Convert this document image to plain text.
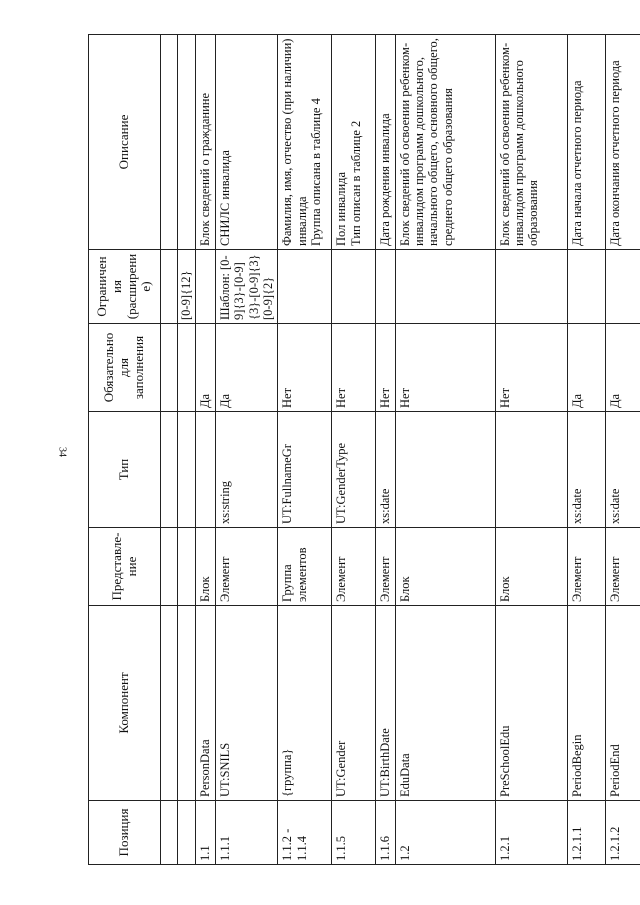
34
Позиция	Компонент	Представле-
ние	Тип	Обязательно
для
заполнения	Ограничения
(расширение)	Описание

					[0-9]{12}	
1.1	PersonData	Блок		Да		Блок сведений о гражданине
1.1.1	UT:SNILS	Элемент	xs:string	Да	Шаблон: [0-9]{3}-[0-9]{3}-[0-9]{3} [0-9]{2}	СНИЛС инвалида
1.1.2 -
1.1.4	{группа}	Группа
элементов	UT:FullnameGr	Нет		Фамилия, имя, отчество (при наличии) инвалида
Группа описана в таблице 4
1.1.5	UT:Gender	Элемент	UT:GenderType	Нет		Пол инвалида
Тип описан в таблице 2
1.1.6	UT:BirthDate	Элемент	xs:date	Нет		Дата рождения инвалида
1.2	EduData	Блок		Нет		Блок сведений об освоении ребенком-инвалидом программ дошкольного, начального общего, основного общего, среднего общего образования
1.2.1	PreSchoolEdu	Блок		Нет		Блок сведений об освоении ребенком-инвалидом программ дошкольного образования
1.2.1.1	PeriodBegin	Элемент	xs:date	Да		Дата начала отчетного периода
1.2.1.2	PeriodEnd	Элемент	xs:date	Да		Дата окончания отчетного периода
